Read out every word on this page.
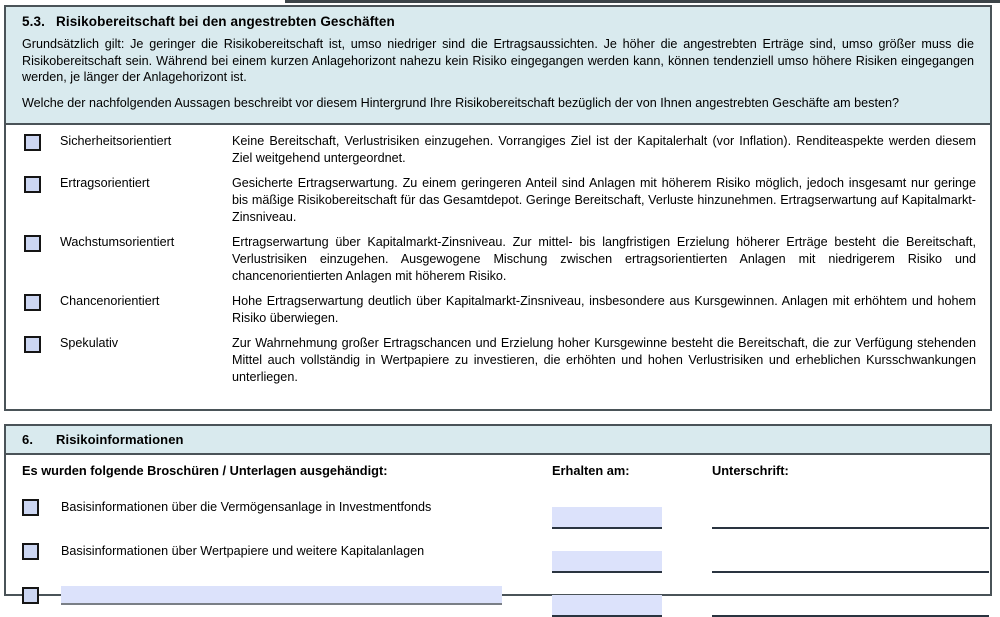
5.3. Risikobereitschaft bei den angestrebten Geschäften

Grundsätzlich gilt: Je geringer die Risikobereitschaft ist, umso niedriger sind die Ertragsaussichten. Je höher die angestrebten Erträge sind, umso größer muss die Risikobereitschaft sein. Während bei einem kurzen Anlagehorizont nahezu kein Risiko eingegangen werden kann, können tendenziell umso höhere Risiken eingegangen werden, je länger der Anlagehorizont ist.

Welche der nachfolgenden Aussagen beschreibt vor diesem Hintergrund Ihre Risikobereitschaft bezüglich der von Ihnen angestrebten Geschäfte am besten?

Sicherheitsorientiert	Keine Bereitschaft, Verlustrisiken einzugehen. Vorrangiges Ziel ist der Kapitalerhalt (vor Inflation). Renditeaspekte werden diesem Ziel weitgehend untergeordnet.
Ertragsorientiert	Gesicherte Ertragserwartung. Zu einem geringeren Anteil sind Anlagen mit höherem Risiko möglich, jedoch insgesamt nur geringe bis mäßige Risikobereitschaft für das Gesamtdepot. Geringe Bereitschaft, Verluste hinzunehmen. Ertragserwartung auf Kapitalmarkt-Zinsniveau.
Wachstumsorientiert	Ertragserwartung über Kapitalmarkt-Zinsniveau. Zur mittel- bis langfristigen Erzielung höherer Erträge besteht die Bereitschaft, Verlustrisiken einzugehen. Ausgewogene Mischung zwischen ertragsorientierten Anlagen mit niedrigerem Risiko und chancenorientierten Anlagen mit höherem Risiko.
Chancenorientiert	Hohe Ertragserwartung deutlich über Kapitalmarkt-Zinsniveau, insbesondere aus Kursgewinnen. Anlagen mit erhöhtem und hohem Risiko überwiegen.
Spekulativ	Zur Wahrnehmung großer Ertragschancen und Erzielung hoher Kursgewinne besteht die Bereitschaft, die zur Verfügung stehenden Mittel auch vollständig in Wertpapiere zu investieren, die erhöhten und hohen Verlustrisiken und erheblichen Kursschwankungen unterliegen.
6. Risikoinformationen
Es wurden folgende Broschüren / Unterlagen ausgehändigt:	Erhalten am:	Unterschrift:
Basisinformationen über die Vermögensanlage in Investmentfonds
Basisinformationen über Wertpapiere und weitere Kapitalanlagen
